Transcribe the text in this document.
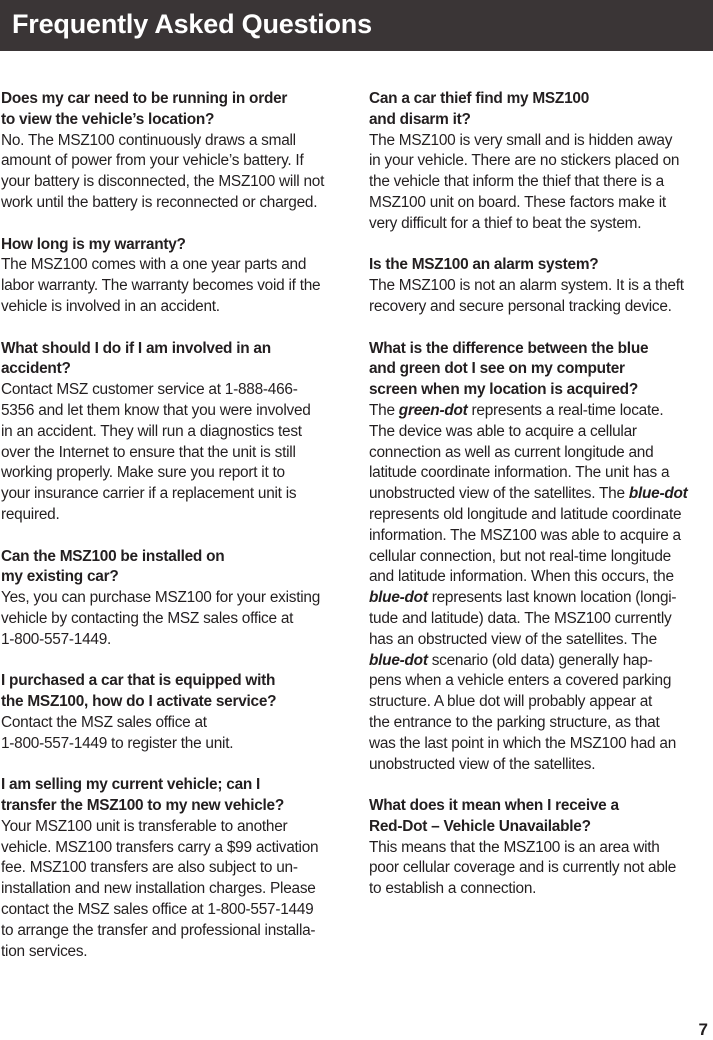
Frequently Asked Questions
Does my car need to be running in order
to view the vehicle’s location?
No. The MSZ100 continuously draws a small
amount of power from your vehicle’s battery. If
your battery is disconnected, the MSZ100 will not
work until the battery is reconnected or charged.
How long is my warranty?
The MSZ100 comes with a one year parts and
labor warranty. The warranty becomes void if the
vehicle is involved in an accident.
What should I do if I am involved in an
accident?
Contact MSZ customer service at 1-888-466-
5356 and let them know that you were involved
in an accident. They will run a diagnostics test
over the Internet to ensure that the unit is still
working properly. Make sure you report it to
your insurance carrier if a replacement unit is
required.
Can the MSZ100 be installed on
my existing car?
Yes, you can purchase MSZ100 for your existing
vehicle by contacting the MSZ sales office at
1-800-557-1449.
I purchased a car that is equipped with
the MSZ100, how do I activate service?
Contact the MSZ sales office at
1-800-557-1449 to register the unit.
I am selling my current vehicle; can I
transfer the MSZ100 to my new vehicle?
Your MSZ100 unit is transferable to another
vehicle. MSZ100 transfers carry a $99 activation
fee. MSZ100 transfers are also subject to un-
installation and new installation charges. Please
contact the MSZ sales office at 1-800-557-1449
to arrange the transfer and professional installa-
tion services.
Can a car thief find my MSZ100
and disarm it?
The MSZ100 is very small and is hidden away
in your vehicle. There are no stickers placed on
the vehicle that inform the thief that there is a
MSZ100 unit on board. These factors make it
very difficult for a thief to beat the system.
Is the MSZ100 an alarm system?
The MSZ100 is not an alarm system. It is a theft
recovery and secure personal tracking device.
What is the difference between the blue
and green dot I see on my computer
screen when my location is acquired?
The green-dot represents a real-time locate.
The device was able to acquire a cellular
connection as well as current longitude and
latitude coordinate information. The unit has a
unobstructed view of the satellites. The blue-dot
represents old longitude and latitude coordinate
information. The MSZ100 was able to acquire a
cellular connection, but not real-time longitude
and latitude information. When this occurs, the
blue-dot represents last known location (longi-
tude and latitude) data. The MSZ100 currently
has an obstructed view of the satellites. The
blue-dot scenario (old data) generally hap-
pens when a vehicle enters a covered parking
structure. A blue dot will probably appear at
the entrance to the parking structure, as that
was the last point in which the MSZ100 had an
unobstructed view of the satellites.
What does it mean when I receive a
Red-Dot – Vehicle Unavailable?
This means that the MSZ100 is an area with
poor cellular coverage and is currently not able
to establish a connection.
7
